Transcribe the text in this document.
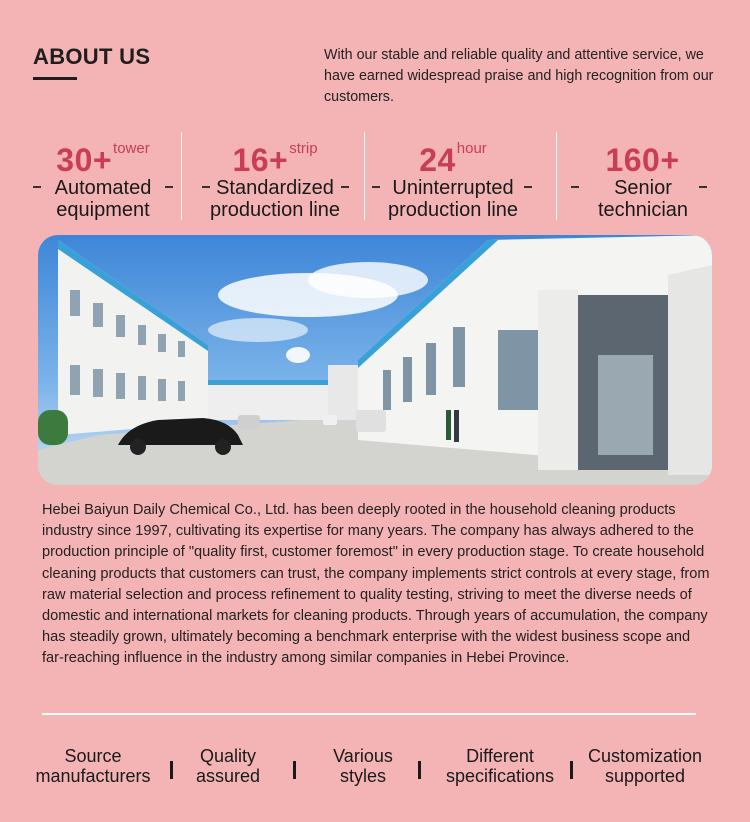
ABOUT US	With our stable and reliable quality and attentive service, we have earned widespread praise and high recognition from our customers.
30+tower
Automated
equipment
16+strip
Standardized
production line
24hour
Uninterrupted
production line
160+
Senior
technician
Hebei Baiyun Daily Chemical Co., Ltd. has been deeply rooted in the household cleaning products industry since 1997, cultivating its expertise for many years. The company has always adhered to the production principle of "quality first, customer foremost" in every production stage. To create household cleaning products that customers can trust, the company implements strict controls at every stage, from raw material selection and process refinement to quality testing, striving to meet the diverse needs of domestic and international markets for cleaning products. Through years of accumulation, the company has steadily grown, ultimately becoming a benchmark enterprise with the widest business scope and far-reaching influence in the industry among similar companies in Hebei Province.
Source
manufacturers
Quality
assured
Various
styles
Different
specifications
Customization
supported
